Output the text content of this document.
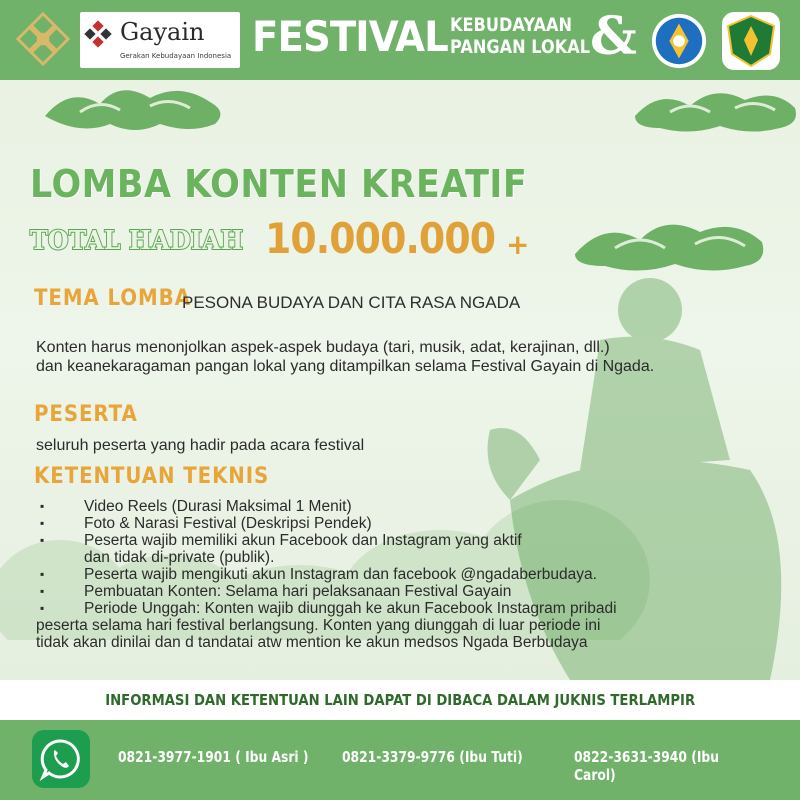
Gayain
Gerakan Kebudayaan Indonesia FESTIVAL KEBUDAYAAN
PANGAN LOKAL &
LOMBA KONTEN KREATIF
TOTAL HADIAH 10.000.000 +
TEMA LOMBA
PESONA BUDAYA DAN CITA RASA NGADA
Konten harus menonjolkan aspek-aspek budaya (tari, musik, adat, kerajinan, dll.)
dan keanekaragaman pangan lokal yang ditampilkan selama Festival Gayain di Ngada.
PESERTA
seluruh peserta yang hadir pada acara festival
KETENTUAN TEKNIS
▪	Video Reels (Durasi Maksimal 1 Menit)
▪	Foto & Narasi Festival (Deskripsi Pendek)
▪	Peserta wajib memiliki akun Facebook dan Instagram yang aktif
dan tidak di-private (publik).
▪	Peserta wajib mengikuti akun Instagram dan facebook @ngadaberbudaya.
▪	Pembuatan Konten: Selama hari pelaksanaan Festival Gayain
▪	Periode Unggah: Konten wajib diunggah ke akun Facebook Instagram pribadi
peserta selama hari festival berlangsung. Konten yang diunggah di luar periode ini
tidak akan dinilai dan d tandatai atw mention ke akun medsos Ngada Berbudaya
INFORMASI DAN KETENTUAN LAIN DAPAT DI DIBACA DALAM JUKNIS TERLAMPIR
0821-3977-1901 ( Ibu Asri ) 0821-3379-9776 (Ibu Tuti)	0822-3631-3940 (Ibu Carol)
